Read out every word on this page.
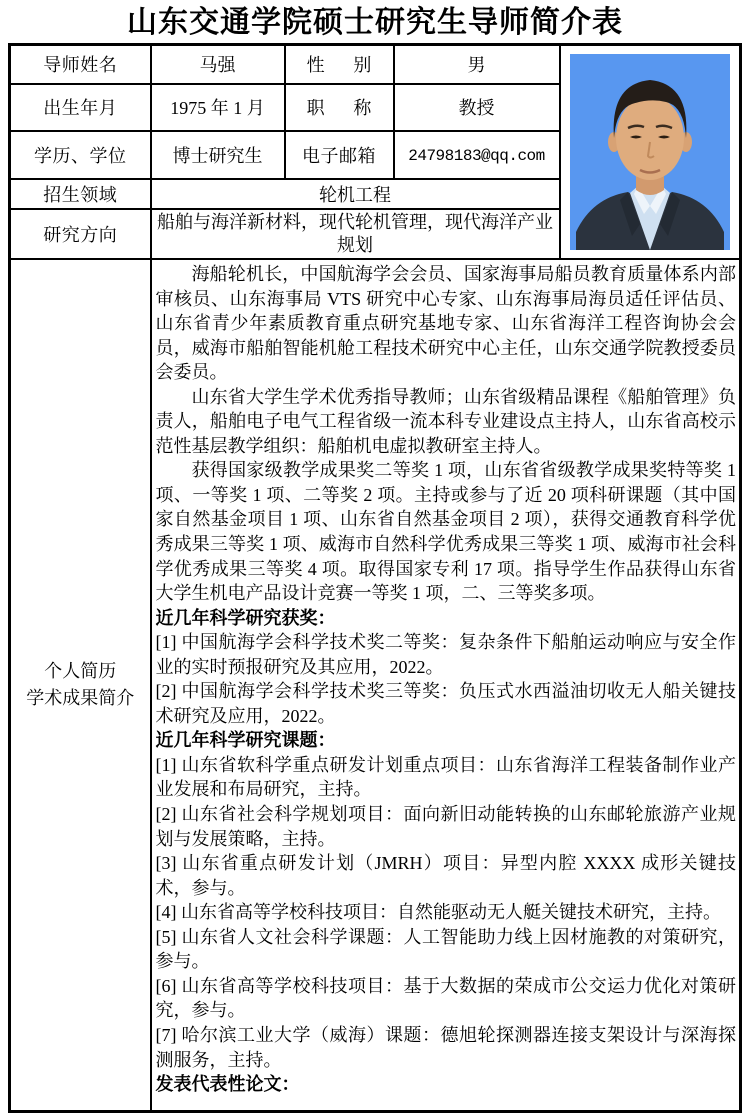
山东交通学院硕士研究生导师简介表
导师姓名	马强	性别	男	

出生年月	1975 年 1 月	职称	教授	
学历、学位	博士研究生	电子邮箱	24798183@qq.com	
招生领域	轮机工程			
研究方向	船舶与海洋新材料，现代轮机管理，现代海洋产业规划			

个人简历
学术成果简介

海船轮机长，中国航海学会会员、国家海事局船员教育质量体系内部审核员、山东海事局 VTS 研究中心专家、山东海事局海员适任评估员、山东省青少年素质教育重点研究基地专家、山东省海洋工程咨询协会会员，威海市船舶智能机舱工程技术研究中心主任，山东交通学院教授委员会委员。
山东省大学生学术优秀指导教师；山东省级精品课程《船舶管理》负责人，船舶电子电气工程省级一流本科专业建设点主持人，山东省高校示范性基层教学组织：船舶机电虚拟教研室主持人。
获得国家级教学成果奖二等奖 1 项，山东省省级教学成果奖特等奖 1 项、一等奖 1 项、二等奖 2 项。主持或参与了近 20 项科研课题（其中国家自然基金项目 1 项、山东省自然基金项目 2 项），获得交通教育科学优秀成果三等奖 1 项、威海市自然科学优秀成果三等奖 1 项、威海市社会科学优秀成果三等奖 4 项。取得国家专利 17 项。指导学生作品获得山东省大学生机电产品设计竞赛一等奖 1 项，二、三等奖多项。
近几年科学研究获奖：
[1] 中国航海学会科学技术奖二等奖：复杂条件下船舶运动响应与安全作业的实时预报研究及其应用，2022。
[2] 中国航海学会科学技术奖三等奖：负压式水西溢油切收无人船关键技术研究及应用，2022。
近几年科学研究课题：
[1] 山东省软科学重点研发计划重点项目：山东省海洋工程装备制作业产业发展和布局研究，主持。
[2] 山东省社会科学规划项目：面向新旧动能转换的山东邮轮旅游产业规划与发展策略，主持。
[3] 山东省重点研发计划（JMRH）项目：异型内腔 XXXX 成形关键技术，参与。
[4] 山东省高等学校科技项目：自然能驱动无人艇关键技术研究，主持。
[5] 山东省人文社会科学课题：人工智能助力线上因材施教的对策研究，参与。
[6] 山东省高等学校科技项目：基于大数据的荣成市公交运力优化对策研究，参与。
[7] 哈尔滨工业大学（威海）课题：德旭轮探测器连接支架设计与深海探测服务，主持。
发表代表性论文：
